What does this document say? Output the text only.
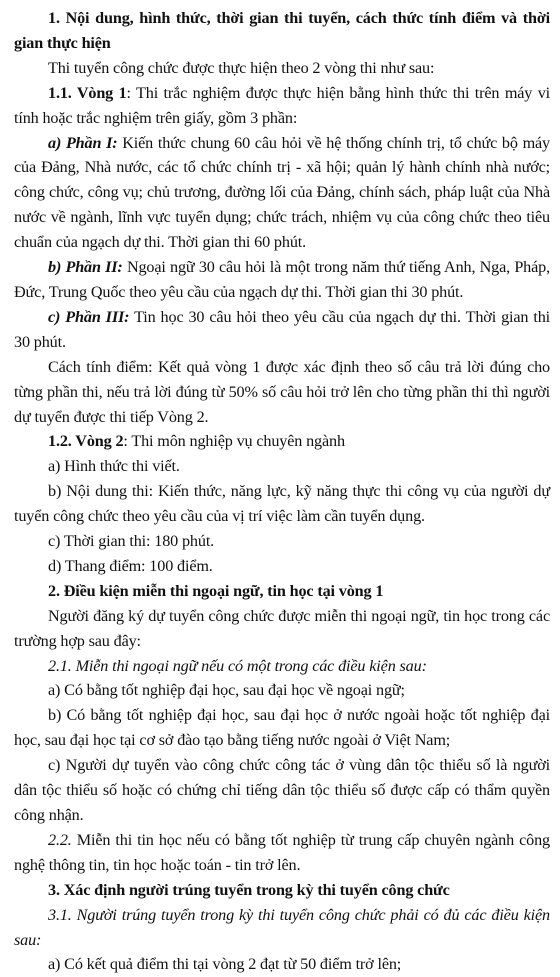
1. Nội dung, hình thức, thời gian thi tuyển, cách thức tính điểm và thời gian thực hiện

Thi tuyển công chức được thực hiện theo 2 vòng thi như sau:

1.1. Vòng 1: Thi trắc nghiệm được thực hiện bằng hình thức thi trên máy vi tính hoặc trắc nghiệm trên giấy, gồm 3 phần:

a) Phần I: Kiến thức chung 60 câu hỏi về hệ thống chính trị, tổ chức bộ máy của Đảng, Nhà nước, các tổ chức chính trị - xã hội; quản lý hành chính nhà nước; công chức, công vụ; chủ trương, đường lối của Đảng, chính sách, pháp luật của Nhà nước về ngành, lĩnh vực tuyển dụng; chức trách, nhiệm vụ của công chức theo tiêu chuẩn của ngạch dự thi. Thời gian thi 60 phút.

b) Phần II: Ngoại ngữ 30 câu hỏi là một trong năm thứ tiếng Anh, Nga, Pháp, Đức, Trung Quốc theo yêu cầu của ngạch dự thi. Thời gian thi 30 phút.

c) Phần III: Tin học 30 câu hỏi theo yêu cầu của ngạch dự thi. Thời gian thi 30 phút.

Cách tính điểm: Kết quả vòng 1 được xác định theo số câu trả lời đúng cho từng phần thi, nếu trả lời đúng từ 50% số câu hỏi trở lên cho từng phần thi thì người dự tuyển được thi tiếp Vòng 2.

1.2. Vòng 2: Thi môn nghiệp vụ chuyên ngành

a) Hình thức thi viết.

b) Nội dung thi: Kiến thức, năng lực, kỹ năng thực thi công vụ của người dự tuyển công chức theo yêu cầu của vị trí việc làm cần tuyển dụng.

c) Thời gian thi: 180 phút.

d) Thang điểm: 100 điểm.

2. Điều kiện miễn thi ngoại ngữ, tin học tại vòng 1

Người đăng ký dự tuyển công chức được miễn thi ngoại ngữ, tin học trong các trường hợp sau đây:

2.1. Miễn thi ngoại ngữ nếu có một trong các điều kiện sau:

a) Có bằng tốt nghiệp đại học, sau đại học về ngoại ngữ;

b) Có bằng tốt nghiệp đại học, sau đại học ở nước ngoài hoặc tốt nghiệp đại học, sau đại học tại cơ sở đào tạo bằng tiếng nước ngoài ở Việt Nam;

c) Người dự tuyển vào công chức công tác ở vùng dân tộc thiểu số là người dân tộc thiểu số hoặc có chứng chỉ tiếng dân tộc thiểu số được cấp có thẩm quyền công nhận.

2.2. Miễn thi tin học nếu có bằng tốt nghiệp từ trung cấp chuyên ngành công nghệ thông tin, tin học hoặc toán - tin trở lên.

3. Xác định người trúng tuyển trong kỳ thi tuyển công chức

3.1. Người trúng tuyển trong kỳ thi tuyển công chức phải có đủ các điều kiện sau:

a) Có kết quả điểm thi tại vòng 2 đạt từ 50 điểm trở lên;
